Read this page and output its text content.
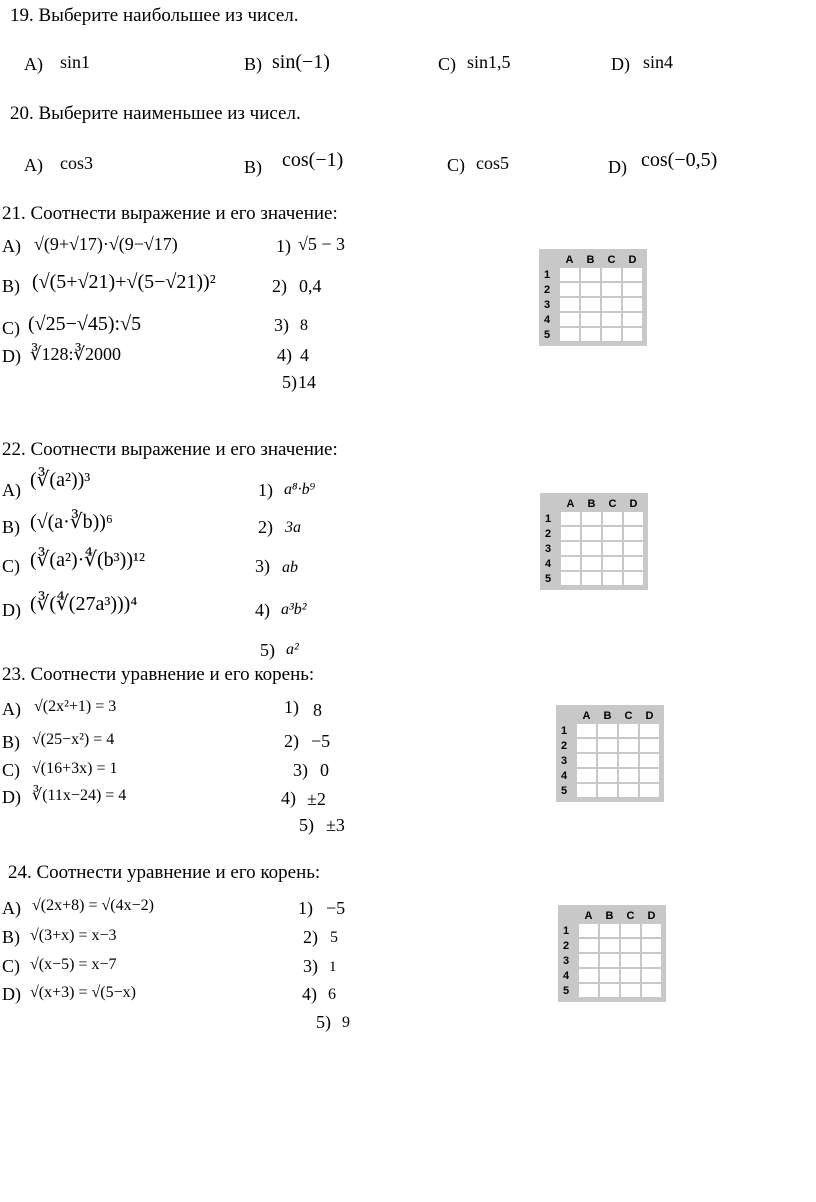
19. Выберите наибольшее из чисел.
A) sin1	B) sin(−1)	C) sin1,5	D) sin4
20. Выберите наименьшее из чисел.
A) cos3	B) cos(−1)	C) cos5	D) cos(−0,5)
21. Соотнести выражение и его значение:
A) √(9+√17)·√(9−√17)
B) (√(5+√21)+√(5−√21))²
C) (√25−√45):√5
D) ∛128:∛2000
1) √5 − 3
2) 0,4
3) 8
4) 4
5) 14
	A	B	C	D
1				
2				
3				
4				
5				
22. Соотнести выражение и его значение:
A) (∛(a²))³
B) (√(a·∛b))⁶
C) (∛(a²)·∜(b³))¹²
D) (∛(∜(27a³)))⁴
1) a⁸·b⁹
2) 3a
3) ab
4) a³b²
5) a²
	A	B	C	D
1				
2				
3				
4				
5				
23. Соотнести уравнение и его корень:
A) √(2x²+1) = 3
B) √(25−x²) = 4
C) √(16+3x) = 1
D) ∛(11x−24) = 4
1) 8
2) −5
3) 0
4) ±2
5) ±3
	A	B	C	D
1				
2				
3				
4				
5				
24. Соотнести уравнение и его корень:
A) √(2x+8) = √(4x−2)
B) √(3+x) = x−3
C) √(x−5) = x−7
D) √(x+3) = √(5−x)
1) −5
2) 5
3) 1
4) 6
5) 9
	A	B	C	D
1				
2				
3				
4				
5				
